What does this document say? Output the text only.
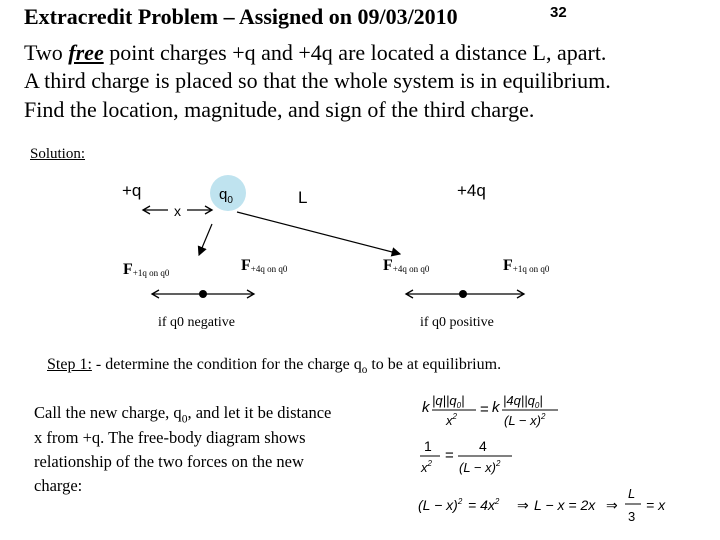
Extracredit Problem – Assigned on 09/03/2010	32
Two free point charges +q and +4q are located a distance L, apart.
A third charge is placed so that the whole system is in equilibrium.
Find the location, magnitude, and sign of the third charge.
Solution:
+q	$q_0$
+4q
L
x
F+1q on q0	F+4q on q0	F+4q on q0	F+1q on q0
if q0 negative	if q0 positive
Step 1: - determine the condition for the charge $q_o$ to be at equilibrium.
Call the new charge, $q_0$, and let it be distance
x from +q. The free-body diagram shows
relationship of the two forces on the new
charge:
k $|q||q_0|$
$x^2 = k$ $|4q||q_0|$
$(L - x)^2$
1
$x^2$ =
4
$(L - x)^2$
$(L - x)^2 = 4x^2$ ⇒ L − x = 2x ⇒
L
3
= x
